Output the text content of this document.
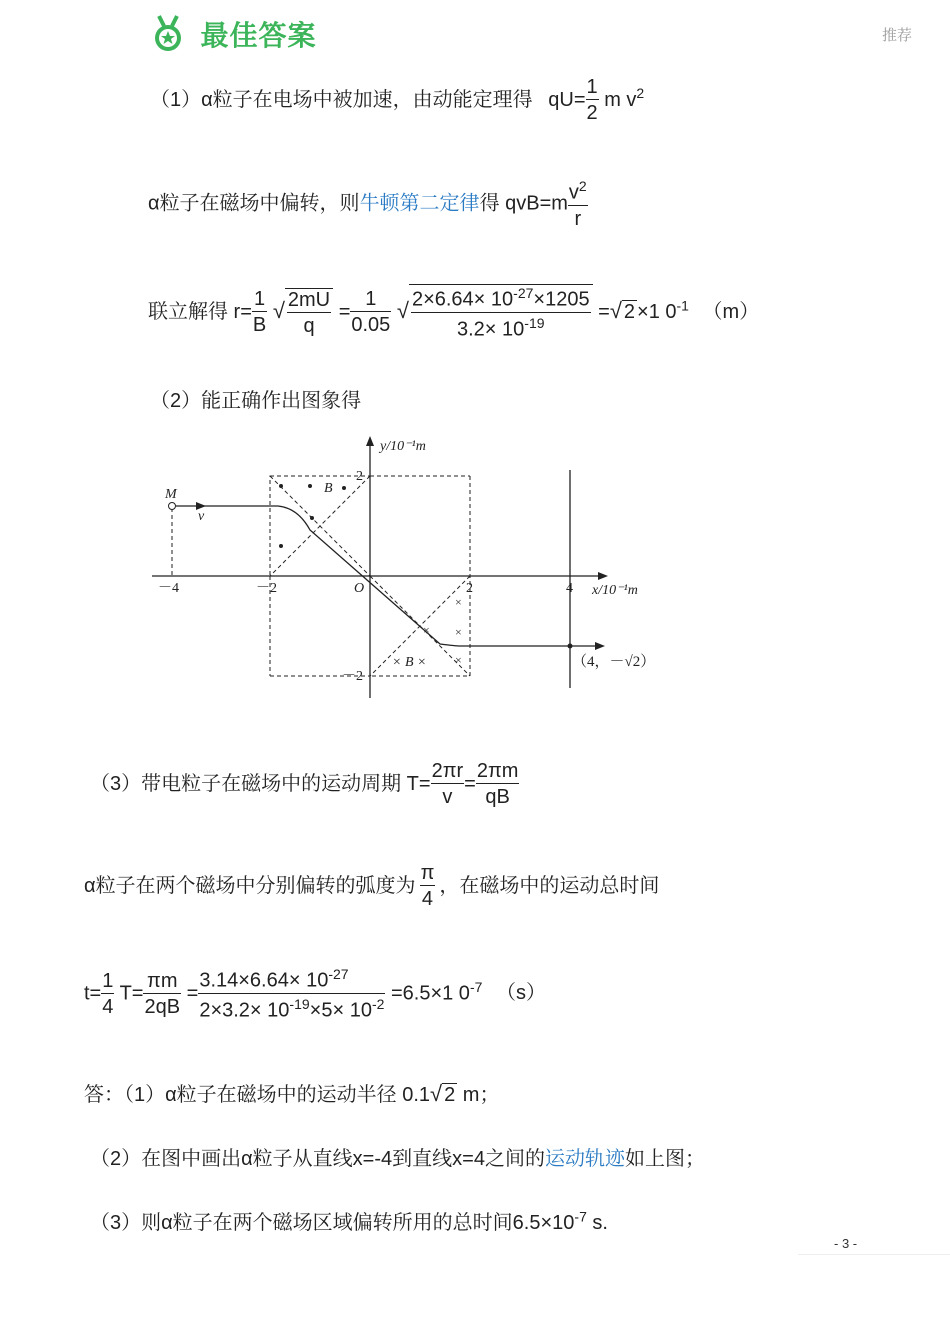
最佳答案	推荐
（1）α粒子在电场中被加速，由动能定理得 $qU= \frac{1}{2}$ m $v^2$
α粒子在磁场中偏转，则牛顿第二定律得 $qvB=m \frac{v^2}{r}$
联立解得 $r= \frac{1}{B}$ √ $\frac{2mU}{q} = \frac{1}{0.05}$ √ $\frac{2\times 6.64\times 10^{-27}\times 1205}{3.2\times 10^{-19}}$ =√ 2 ×1 $0^{-1}$ （m）
（2）能正确作出图象得
×
×
×
×
y/10⁻¹m
x/10⁻¹m
M
v
B
O
－4	－2	2	4
2
－2
× B ×	（4，－√2）
（3）带电粒子在磁场中的运动周期 $T= \frac{2\pi r}{v} = \frac{2\pi m}{qB}$
α粒子在两个磁场中分别偏转的弧度为 $\frac{\pi}{4}$ ，在磁场中的运动总时间
$t= \frac{1}{4} T= \frac{\pi m}{2qB} = \frac{3.14\times 6.64\times 10^{-27}}{2\times 3.2\times 10^{-19}\times 5\times 10^{-2}} =6.5\times 1$ $0^{-7}$ （s）
答：（1）α粒子在磁场中的运动半径 0.1√ 2 m；
（2）在图中画出α粒子从直线x=-4到直线x=4之间的运动轨迹如上图；
（3）则α粒子在两个磁场区域偏转所用的总时间$6.5\times 10^{-7}$ s.
- 3 -
